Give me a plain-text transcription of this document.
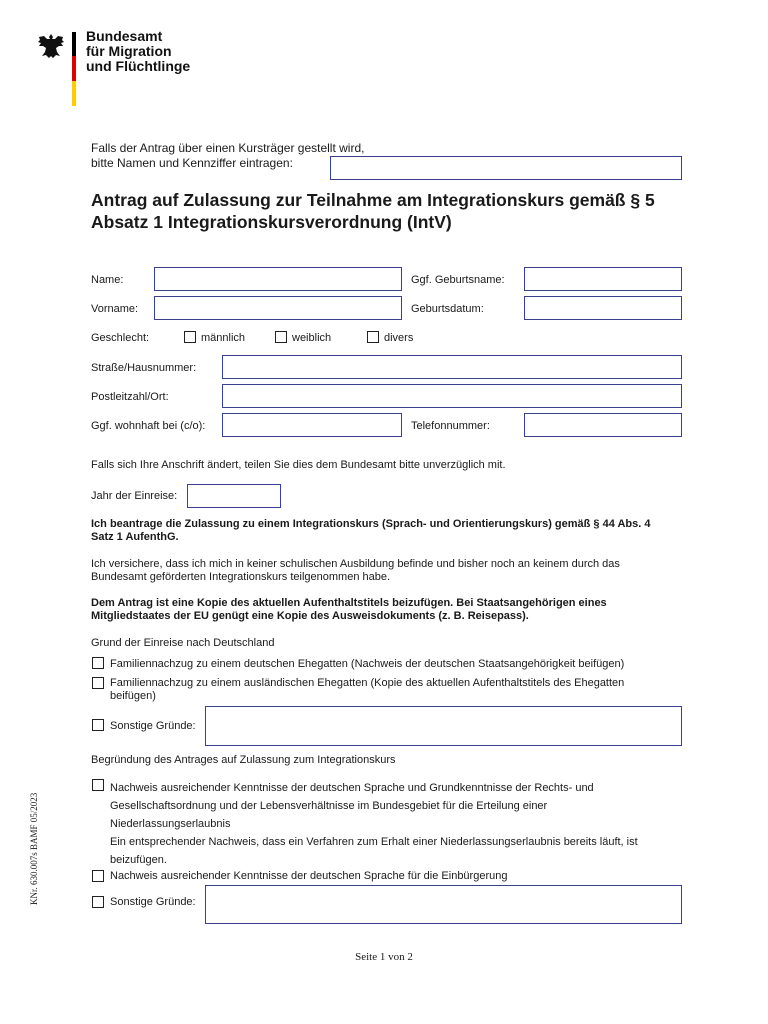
Bundesamt
für Migration
und Flüchtlinge
Falls der Antrag über einen Kursträger gestellt wird,
bitte Namen und Kennziffer eintragen:
Antrag auf Zulassung zur Teilnahme am Integrationskurs gemäß § 5
Absatz 1 Integrationskursverordnung (IntV)
Name:	Ggf. Geburtsname:
Vorname:	Geburtsdatum:
Geschlecht:	männlich	weiblich	divers
Straße/Hausnummer:
Postleitzahl/Ort:
Ggf. wohnhaft bei (c/o):	Telefonnummer:
Falls sich Ihre Anschrift ändert, teilen Sie dies dem Bundesamt bitte unverzüglich mit.
Jahr der Einreise:
Ich beantrage die Zulassung zu einem Integrationskurs (Sprach- und Orientierungskurs) gemäß § 44 Abs. 4
Satz 1 AufenthG.
Ich versichere, dass ich mich in keiner schulischen Ausbildung befinde und bisher noch an keinem durch das
Bundesamt geförderten Integrationskurs teilgenommen habe.
Dem Antrag ist eine Kopie des aktuellen Aufenthaltstitels beizufügen. Bei Staatsangehörigen eines
Mitgliedstaates der EU genügt eine Kopie des Ausweisdokuments (z. B. Reisepass).
Grund der Einreise nach Deutschland
Familiennachzug zu einem deutschen Ehegatten (Nachweis der deutschen Staatsangehörigkeit beifügen)
Familiennachzug zu einem ausländischen Ehegatten (Kopie des aktuellen Aufenthaltstitels des Ehegatten
beifügen)
Sonstige Gründe:
Begründung des Antrages auf Zulassung zum Integrationskurs
Nachweis ausreichender Kenntnisse der deutschen Sprache und Grundkenntnisse der Rechts- und
Gesellschaftsordnung und der Lebensverhältnisse im Bundesgebiet für die Erteilung einer
Niederlassungserlaubnis
Ein entsprechender Nachweis, dass ein Verfahren zum Erhalt einer Niederlassungserlaubnis bereits läuft, ist
beizufügen.
Nachweis ausreichender Kenntnisse der deutschen Sprache für die Einbürgerung
Sonstige Gründe:
KNr. 630.007s BAMF 05/2023
Seite 1 von 2
